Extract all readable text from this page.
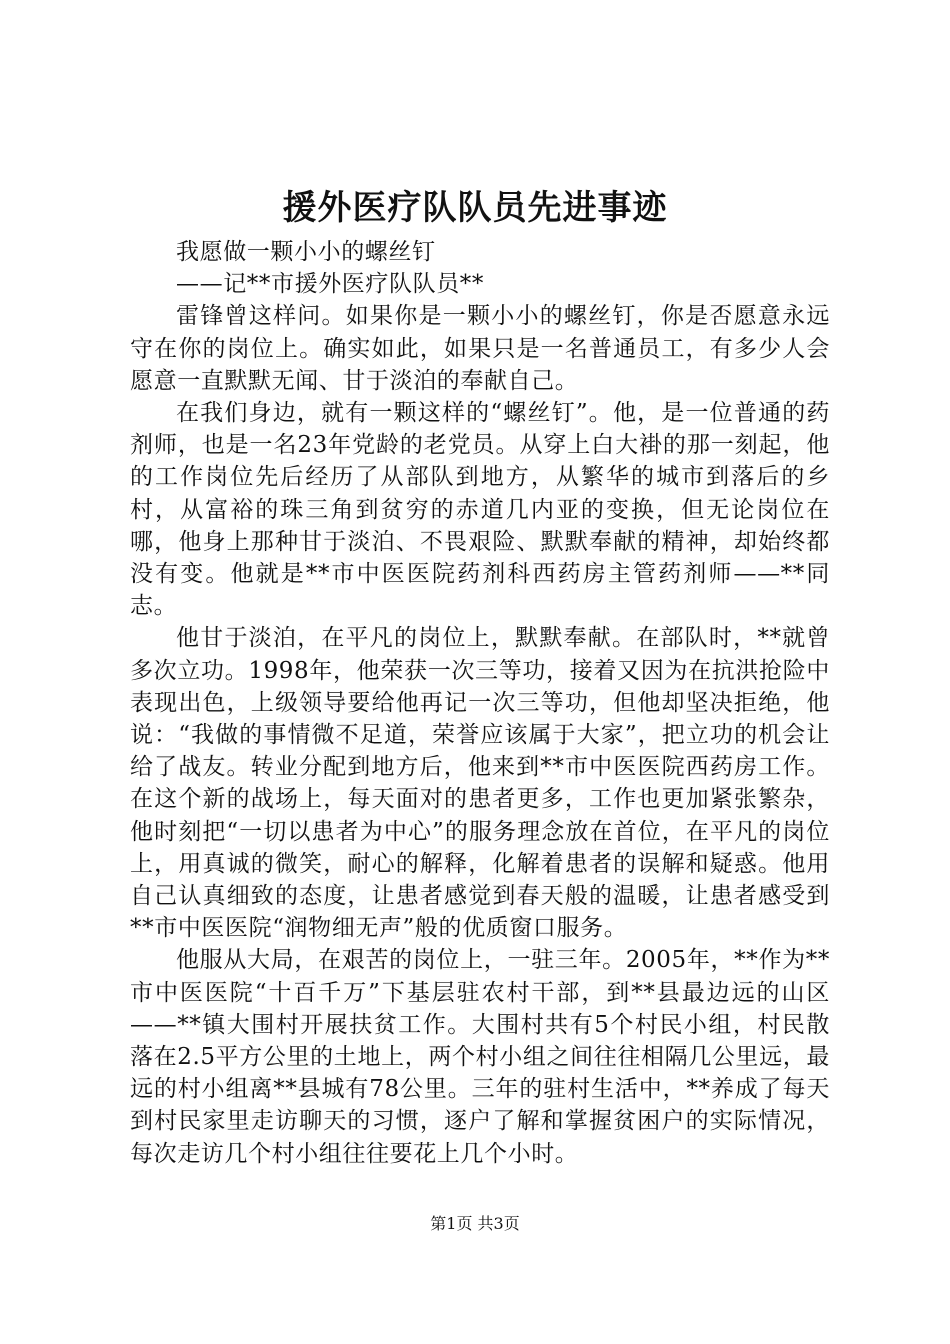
援外医疗队队员先进事迹

我愿做一颗小小的螺丝钉

——记**市援外医疗队队员**

雷锋曾这样问。如果你是一颗小小的螺丝钉，你是否愿意永远守在你的岗位上。确实如此，如果只是一名普通员工，有多少人会愿意一直默默无闻、甘于淡泊的奉献自己。

在我们身边，就有一颗这样的“螺丝钉”。他，是一位普通的药剂师，也是一名23年党龄的老党员。从穿上白大褂的那一刻起，他的工作岗位先后经历了从部队到地方，从繁华的城市到落后的乡村，从富裕的珠三角到贫穷的赤道几内亚的变换，但无论岗位在哪，他身上那种甘于淡泊、不畏艰险、默默奉献的精神，却始终都没有变。他就是**市中医医院药剂科西药房主管药剂师——**同志。

他甘于淡泊，在平凡的岗位上，默默奉献。在部队时，**就曾多次立功。1998年，他荣获一次三等功，接着又因为在抗洪抢险中表现出色，上级领导要给他再记一次三等功，但他却坚决拒绝，他说：“我做的事情微不足道，荣誉应该属于大家”，把立功的机会让给了战友。转业分配到地方后，他来到**市中医医院西药房工作。在这个新的战场上，每天面对的患者更多，工作也更加紧张繁杂，他时刻把“一切以患者为中心”的服务理念放在首位，在平凡的岗位上，用真诚的微笑，耐心的解释，化解着患者的误解和疑惑。他用自己认真细致的态度，让患者感觉到春天般的温暖，让患者感受到**市中医医院“润物细无声”般的优质窗口服务。

他服从大局，在艰苦的岗位上，一驻三年。2005年，**作为**市中医医院“十百千万”下基层驻农村干部，到**县最边远的山区——**镇大围村开展扶贫工作。大围村共有5个村民小组，村民散落在2.5平方公里的土地上，两个村小组之间往往相隔几公里远，最远的村小组离**县城有78公里。三年的驻村生活中，**养成了每天到村民家里走访聊天的习惯，逐户了解和掌握贫困户的实际情况，每次走访几个村小组往往要花上几个小时。

第1页 共3页
